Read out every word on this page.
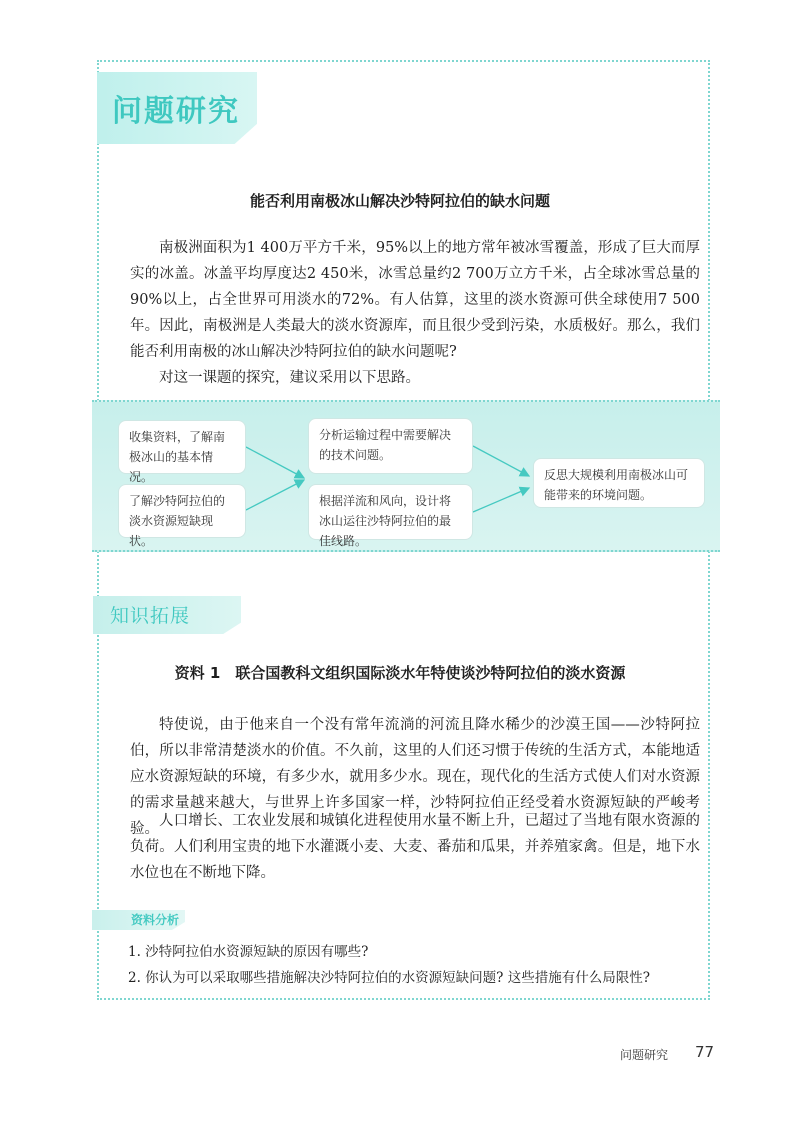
问题研究
能否利用南极冰山解决沙特阿拉伯的缺水问题

南极洲面积为1 400万平方千米，95%以上的地方常年被冰雪覆盖，形成了巨大而厚实的冰盖。冰盖平均厚度达2 450米，冰雪总量约2 700万立方千米，占全球冰雪总量的90%以上，占全世界可用淡水的72%。有人估算，这里的淡水资源可供全球使用7 500年。因此，南极洲是人类最大的淡水资源库，而且很少受到污染，水质极好。那么，我们能否利用南极的冰山解决沙特阿拉伯的缺水问题呢?

对这一课题的探究，建议采用以下思路。

收集资料，了解南极冰山的基本情况。
了解沙特阿拉伯的淡水资源短缺现状。
分析运输过程中需要解决的技术问题。
根据洋流和风向，设计将冰山运往沙特阿拉伯的最佳线路。
反思大规模利用南极冰山可能带来的环境问题。
知识拓展
资料 1　联合国教科文组织国际淡水年特使谈沙特阿拉伯的淡水资源

特使说，由于他来自一个没有常年流淌的河流且降水稀少的沙漠王国——沙特阿拉伯，所以非常清楚淡水的价值。不久前，这里的人们还习惯于传统的生活方式，本能地适应水资源短缺的环境，有多少水，就用多少水。现在，现代化的生活方式使人们对水资源的需求量越来越大，与世界上许多国家一样，沙特阿拉伯正经受着水资源短缺的严峻考验。 人口增长、工农业发展和城镇化进程使用水量不断上升，已超过了当地有限水资源的负荷。人们利用宝贵的地下水灌溉小麦、大麦、番茄和瓜果，并养殖家禽。但是，地下水水位也在不断地下降。

资料分析
1. 沙特阿拉伯水资源短缺的原因有哪些?
2. 你认为可以采取哪些措施解决沙特阿拉伯的水资源短缺问题? 这些措施有什么局限性?
问题研究 77
